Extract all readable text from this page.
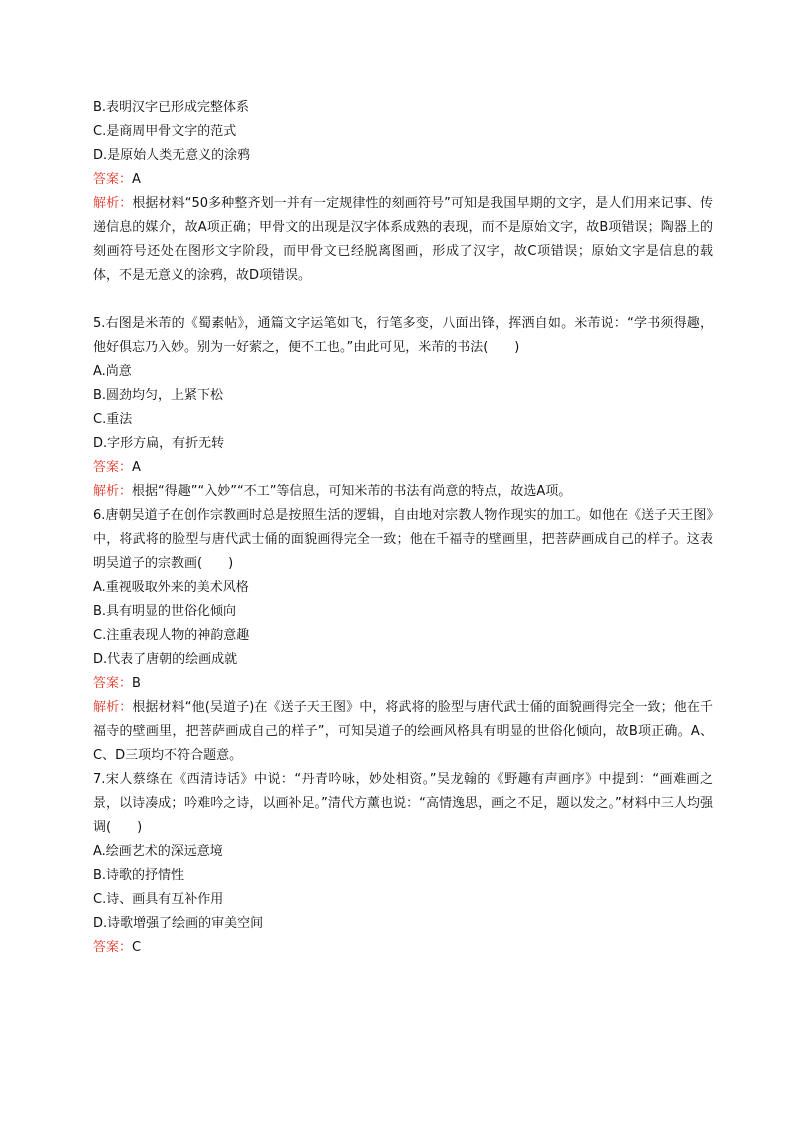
B.表明汉字已形成完整体系
C.是商周甲骨文字的范式
D.是原始人类无意义的涂鸦
答案：A
解析：根据材料“50多种整齐划一并有一定规律性的刻画符号”可知是我国早期的文字，是人们用来记事、传递信息的媒介，故A项正确；甲骨文的出现是汉字体系成熟的表现，而不是原始文字，故B项错误；陶器上的刻画符号还处在图形文字阶段，而甲骨文已经脱离图画，形成了汉字，故C项错误；原始文字是信息的载体，不是无意义的涂鸦，故D项错误。
5.右图是米芾的《蜀素帖》，通篇文字运笔如飞，行笔多变，八面出锋，挥洒自如。米芾说：“学书须得趣，他好俱忘乃入妙。别为一好萦之，便不工也。”由此可见，米芾的书法(　　)
A.尚意
B.圆劲均匀，上紧下松
C.重法
D.字形方扁，有折无转
答案：A
解析：根据“得趣”“入妙”“不工”等信息，可知米芾的书法有尚意的特点，故选A项。
6.唐朝吴道子在创作宗教画时总是按照生活的逻辑，自由地对宗教人物作现实的加工。如他在《送子天王图》中，将武将的脸型与唐代武士俑的面貌画得完全一致；他在千福寺的壁画里，把菩萨画成自己的样子。这表明吴道子的宗教画(　　)
A.重视吸取外来的美术风格
B.具有明显的世俗化倾向
C.注重表现人物的神韵意趣
D.代表了唐朝的绘画成就
答案：B
解析：根据材料“他(吴道子)在《送子天王图》中，将武将的脸型与唐代武士俑的面貌画得完全一致；他在千福寺的壁画里，把菩萨画成自己的样子”，可知吴道子的绘画风格具有明显的世俗化倾向，故B项正确。A、C、D三项均不符合题意。
7.宋人蔡绦在《西清诗话》中说：“丹青吟咏，妙处相资。”吴龙翰的《野趣有声画序》中提到：“画难画之景，以诗凑成；吟难吟之诗，以画补足。”清代方薰也说：“高情逸思，画之不足，题以发之。”材料中三人均强调(　　)
A.绘画艺术的深远意境
B.诗歌的抒情性
C.诗、画具有互补作用
D.诗歌增强了绘画的审美空间
答案：C
